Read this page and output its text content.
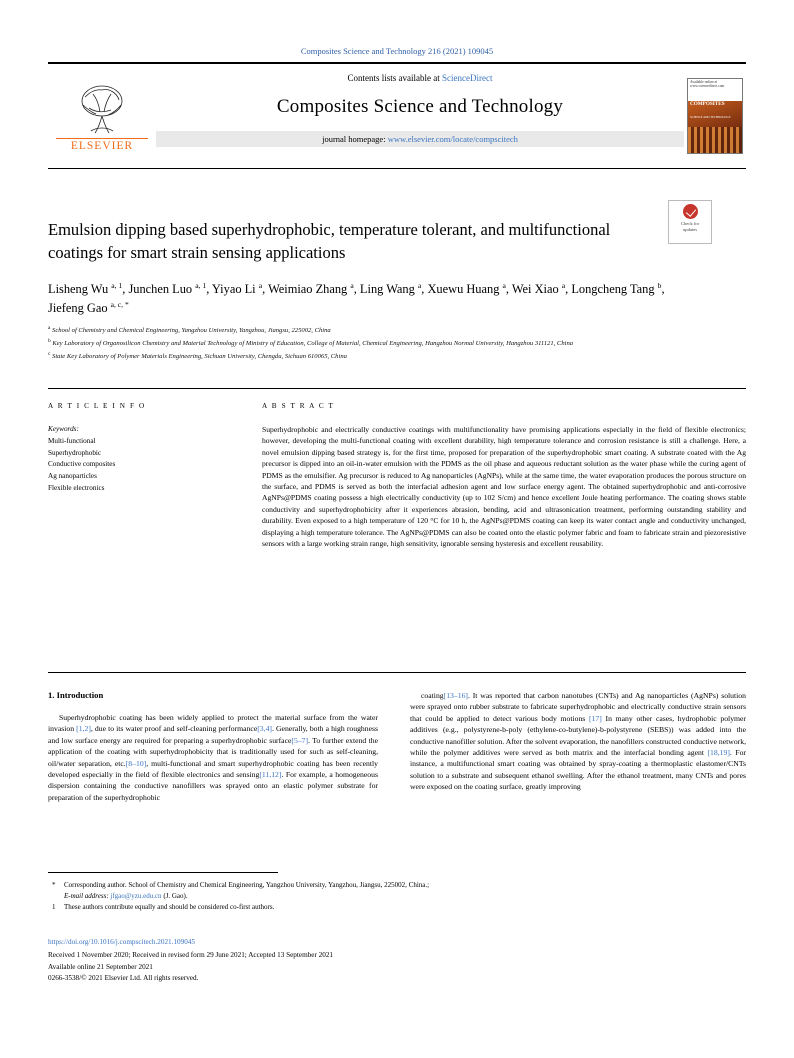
Composites Science and Technology 216 (2021) 109045
ELSEVIER
Contents lists available at ScienceDirect
Composites Science and Technology
journal homepage: www.elsevier.com/locate/compscitech
Available online at www.sciencedirect.com
COMPOSITES
SCIENCE AND TECHNOLOGY
Check for
updates
Emulsion dipping based superhydrophobic, temperature tolerant, and multifunctional coatings for smart strain sensing applications
Lisheng Wu $^{a, 1}$, Junchen Luo $^{a, 1}$, Yiyao Li $^a$, Weimiao Zhang $^a$, Ling Wang $^a$, Xuewu Huang $^a$, Wei Xiao $^a$, Longcheng Tang $^b$, Jiefeng Gao $^{a, c, *}$
$^a$ School of Chemistry and Chemical Engineering, Yangzhou University, Yangzhou, Jiangsu, 225002, China
$^b$ Key Laboratory of Organosilicon Chemistry and Material Technology of Ministry of Education, College of Material, Chemical Engineering, Hangzhou Normal University, Hangzhou 311121, China
$^c$ State Key Laboratory of Polymer Materials Engineering, Sichuan University, Chengdu, Sichuan 610065, China
A R T I C L E I N F O	A B S T R A C T
Keywords:
Multi-functional
Superhydrophobic
Conductive composites
Ag nanoparticles
Flexible electronics
Superhydrophobic and electrically conductive coatings with multifunctionality have promising applications especially in the field of flexible electronics; however, developing the multi-functional coating with excellent durability, high temperature tolerance and corrosion resistance is still a challenge. Here, a novel emulsion dipping based strategy is, for the first time, proposed for preparation of the superhydrophobic smart coating. A substrate coated with the Ag precursor is dipped into an oil-in-water emulsion with the PDMS as the oil phase and aqueous reductant solution as the water phase while the curing agent of PDMS as the emulsifier. Ag precursor is reduced to Ag nanoparticles (AgNPs), while at the same time, the water evaporation produces the porous structure on the surface, and PDMS is served as both the interfacial adhesion agent and low surface energy agent. The obtained superhydrophobic and anti-corrosive AgNPs@PDMS coating possess a high electrically conductivity (up to 102 S/cm) and hence excellent Joule heating performance. The coating shows stable conductivity and superhydrophobicity after it experiences abrasion, bending, acid and ultrasonication treatment, performing outstanding stability and durability. Even exposed to a high temperature of 120 °C for 10 h, the AgNPs@PDMS coating can keep its water contact angle and conductivity unchanged, displaying a high temperature tolerance. The AgNPs@PDMS can also be coated onto the elastic polymer fabric and foam to fabricate strain and piezoresistive sensors with a large working strain range, high sensitivity, ignorable sensing hysteresis and excellent reusability.
1. Introduction

Superhydrophobic coating has been widely applied to protect the material surface from the water invasion [1,2], due to its water proof and self-cleaning performance[3,4]. Generally, both a high roughness and low surface energy are required for preparing a superhydrophobic surface[5–7]. To further extend the application of the coating with superhydrophobicity that is traditionally used for such as self-cleaning, oil/water separation, etc.[8–10], multi-functional and smart superhydrophobic coating has been recently developed especially in the field of flexible electronics and sensing[11,12]. For example, a homogeneous dispersion containing the conductive nanofillers was sprayed onto an elastic polymer substrate for preparation of the superhydrophobic

coating[13–16]. It was reported that carbon nanotubes (CNTs) and Ag nanoparticles (AgNPs) solution were sprayed onto rubber substrate to fabricate superhydrophobic and electrically conductive strain sensors that could be applied to detect various body motions [17] In many other cases, hydrophobic polymer additives (e.g., polystyrene-b-poly (ethylene-co-butylene)-b-polystyrene (SEBS)) was added into the conductive nanofiller solution. After the solvent evaporation, the nanofillers constructed conductive network, while the polymer additives were served as both matrix and the interfacial bonding agent [18,19]. For instance, a multifunctional smart coating was obtained by spray-coating a thermoplastic elastomer/CNTs solution to a substrate and subsequent ethanol swelling. After the ethanol treatment, many CNTs and pores were exposed on the coating surface, greatly improving

* Corresponding author. School of Chemistry and Chemical Engineering, Yangzhou University, Yangzhou, Jiangsu, 225002, China.;
E-mail address: jfgao@yzu.edu.cn (J. Gao).
1 These authors contribute equally and should be considered co-first authors.
https://doi.org/10.1016/j.compscitech.2021.109045
Received 1 November 2020; Received in revised form 29 June 2021; Accepted 13 September 2021
Available online 21 September 2021
0266-3538/© 2021 Elsevier Ltd. All rights reserved.
